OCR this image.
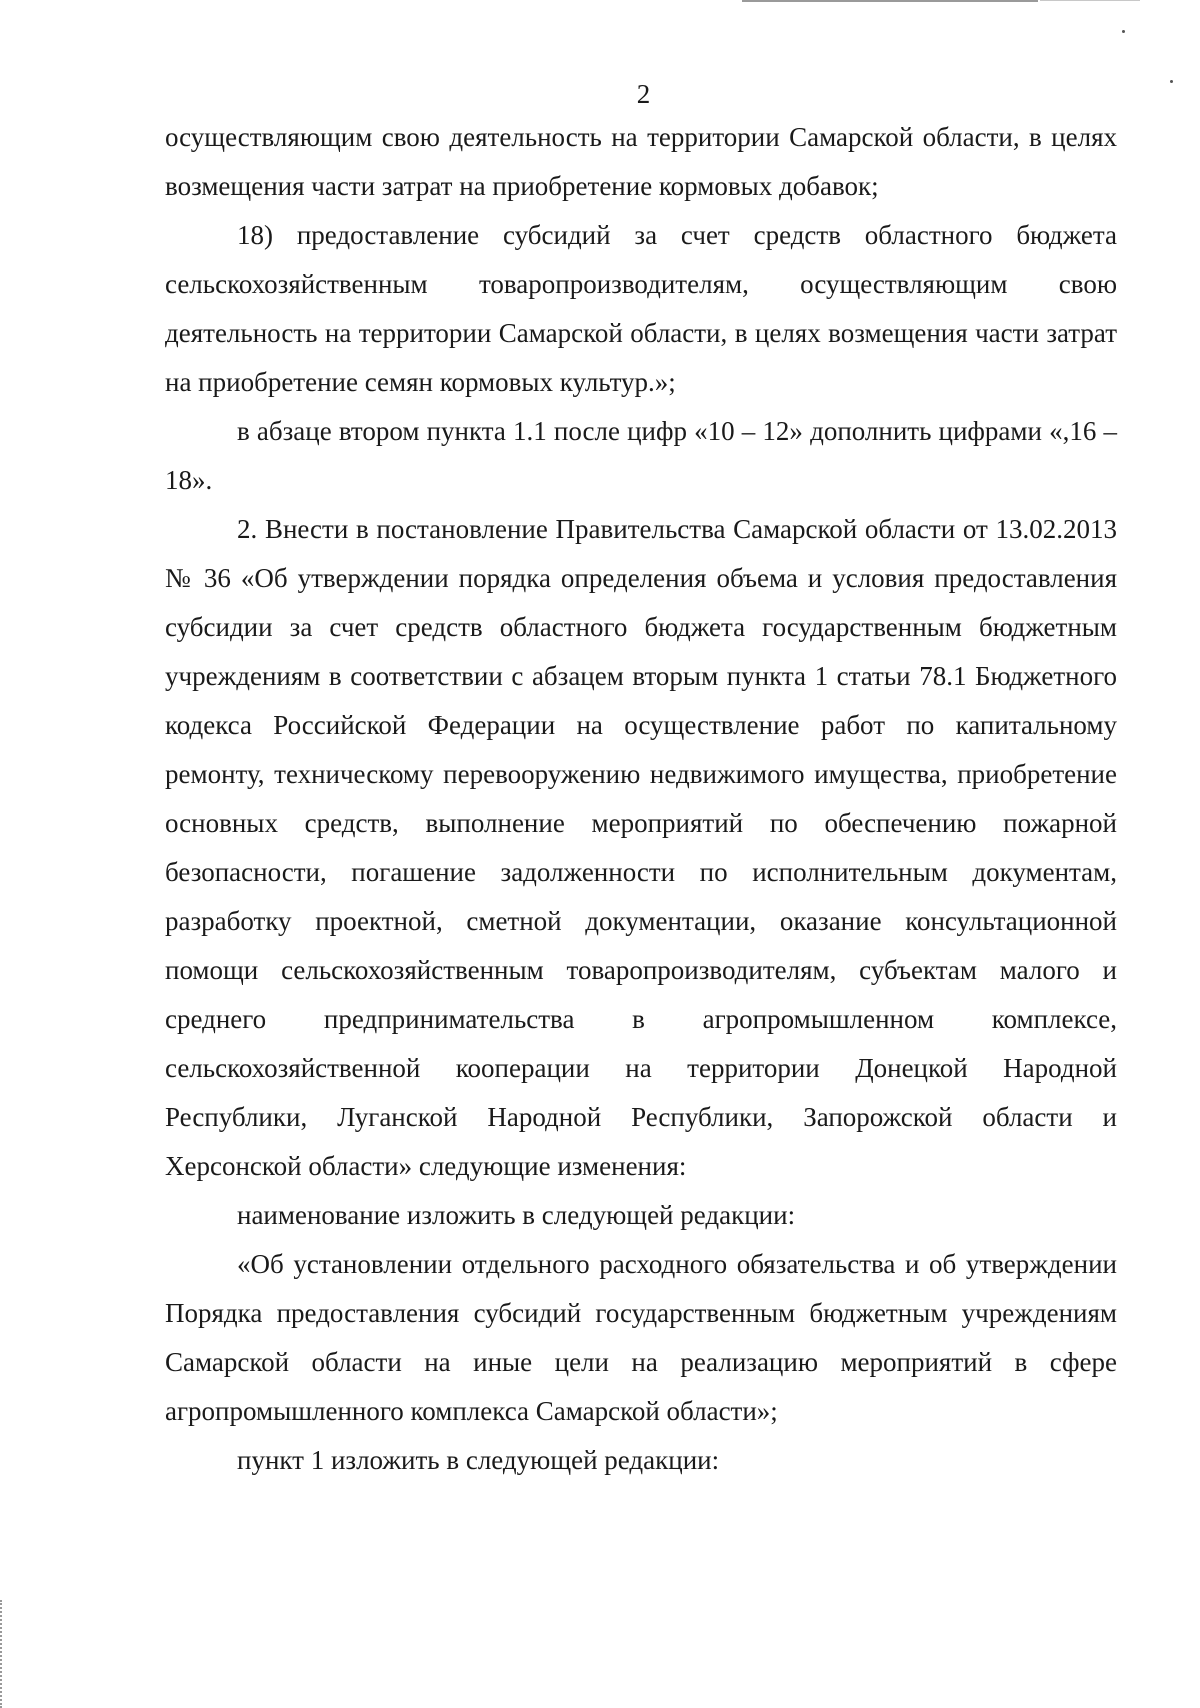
2

осуществляющим свою деятельность на территории Самарской области, в целях возмещения части затрат на приобретение кормовых добавок;

18) предоставление субсидий за счет средств областного бюджета сельскохозяйственным товаропроизводителям, осуществляющим свою деятельность на территории Самарской области, в целях возмещения части затрат на приобретение семян кормовых культур.»;

в абзаце втором пункта 1.1 после цифр «10 – 12» дополнить цифрами «,16 – 18».

2. Внести в постановление Правительства Самарской области от 13.02.2013 № 36 «Об утверждении порядка определения объема и условия предоставления субсидии за счет средств областного бюджета государственным бюджетным учреждениям в соответствии с абзацем вторым пункта 1 статьи 78.1 Бюджетного кодекса Российской Федерации на осуществление работ по капитальному ремонту, техническому перевооружению недвижимого имущества, приобретение основных средств, выполнение мероприятий по обеспечению пожарной безопасности, погашение задолженности по исполнительным документам, разработку проектной, сметной документации, оказание консультационной помощи сельскохозяйственным товаропроизводителям, субъектам малого и среднего предпринимательства в агропромышленном комплексе, сельскохозяйственной кооперации на территории Донецкой Народной Республики, Луганской Народной Республики, Запорожской области и Херсонской области» следующие изменения:

наименование изложить в следующей редакции:

«Об установлении отдельного расходного обязательства и об утверждении Порядка предоставления субсидий государственным бюджетным учреждениям Самарской области на иные цели на реализацию мероприятий в сфере агропромышленного комплекса Самарской области»;

пункт 1 изложить в следующей редакции:
